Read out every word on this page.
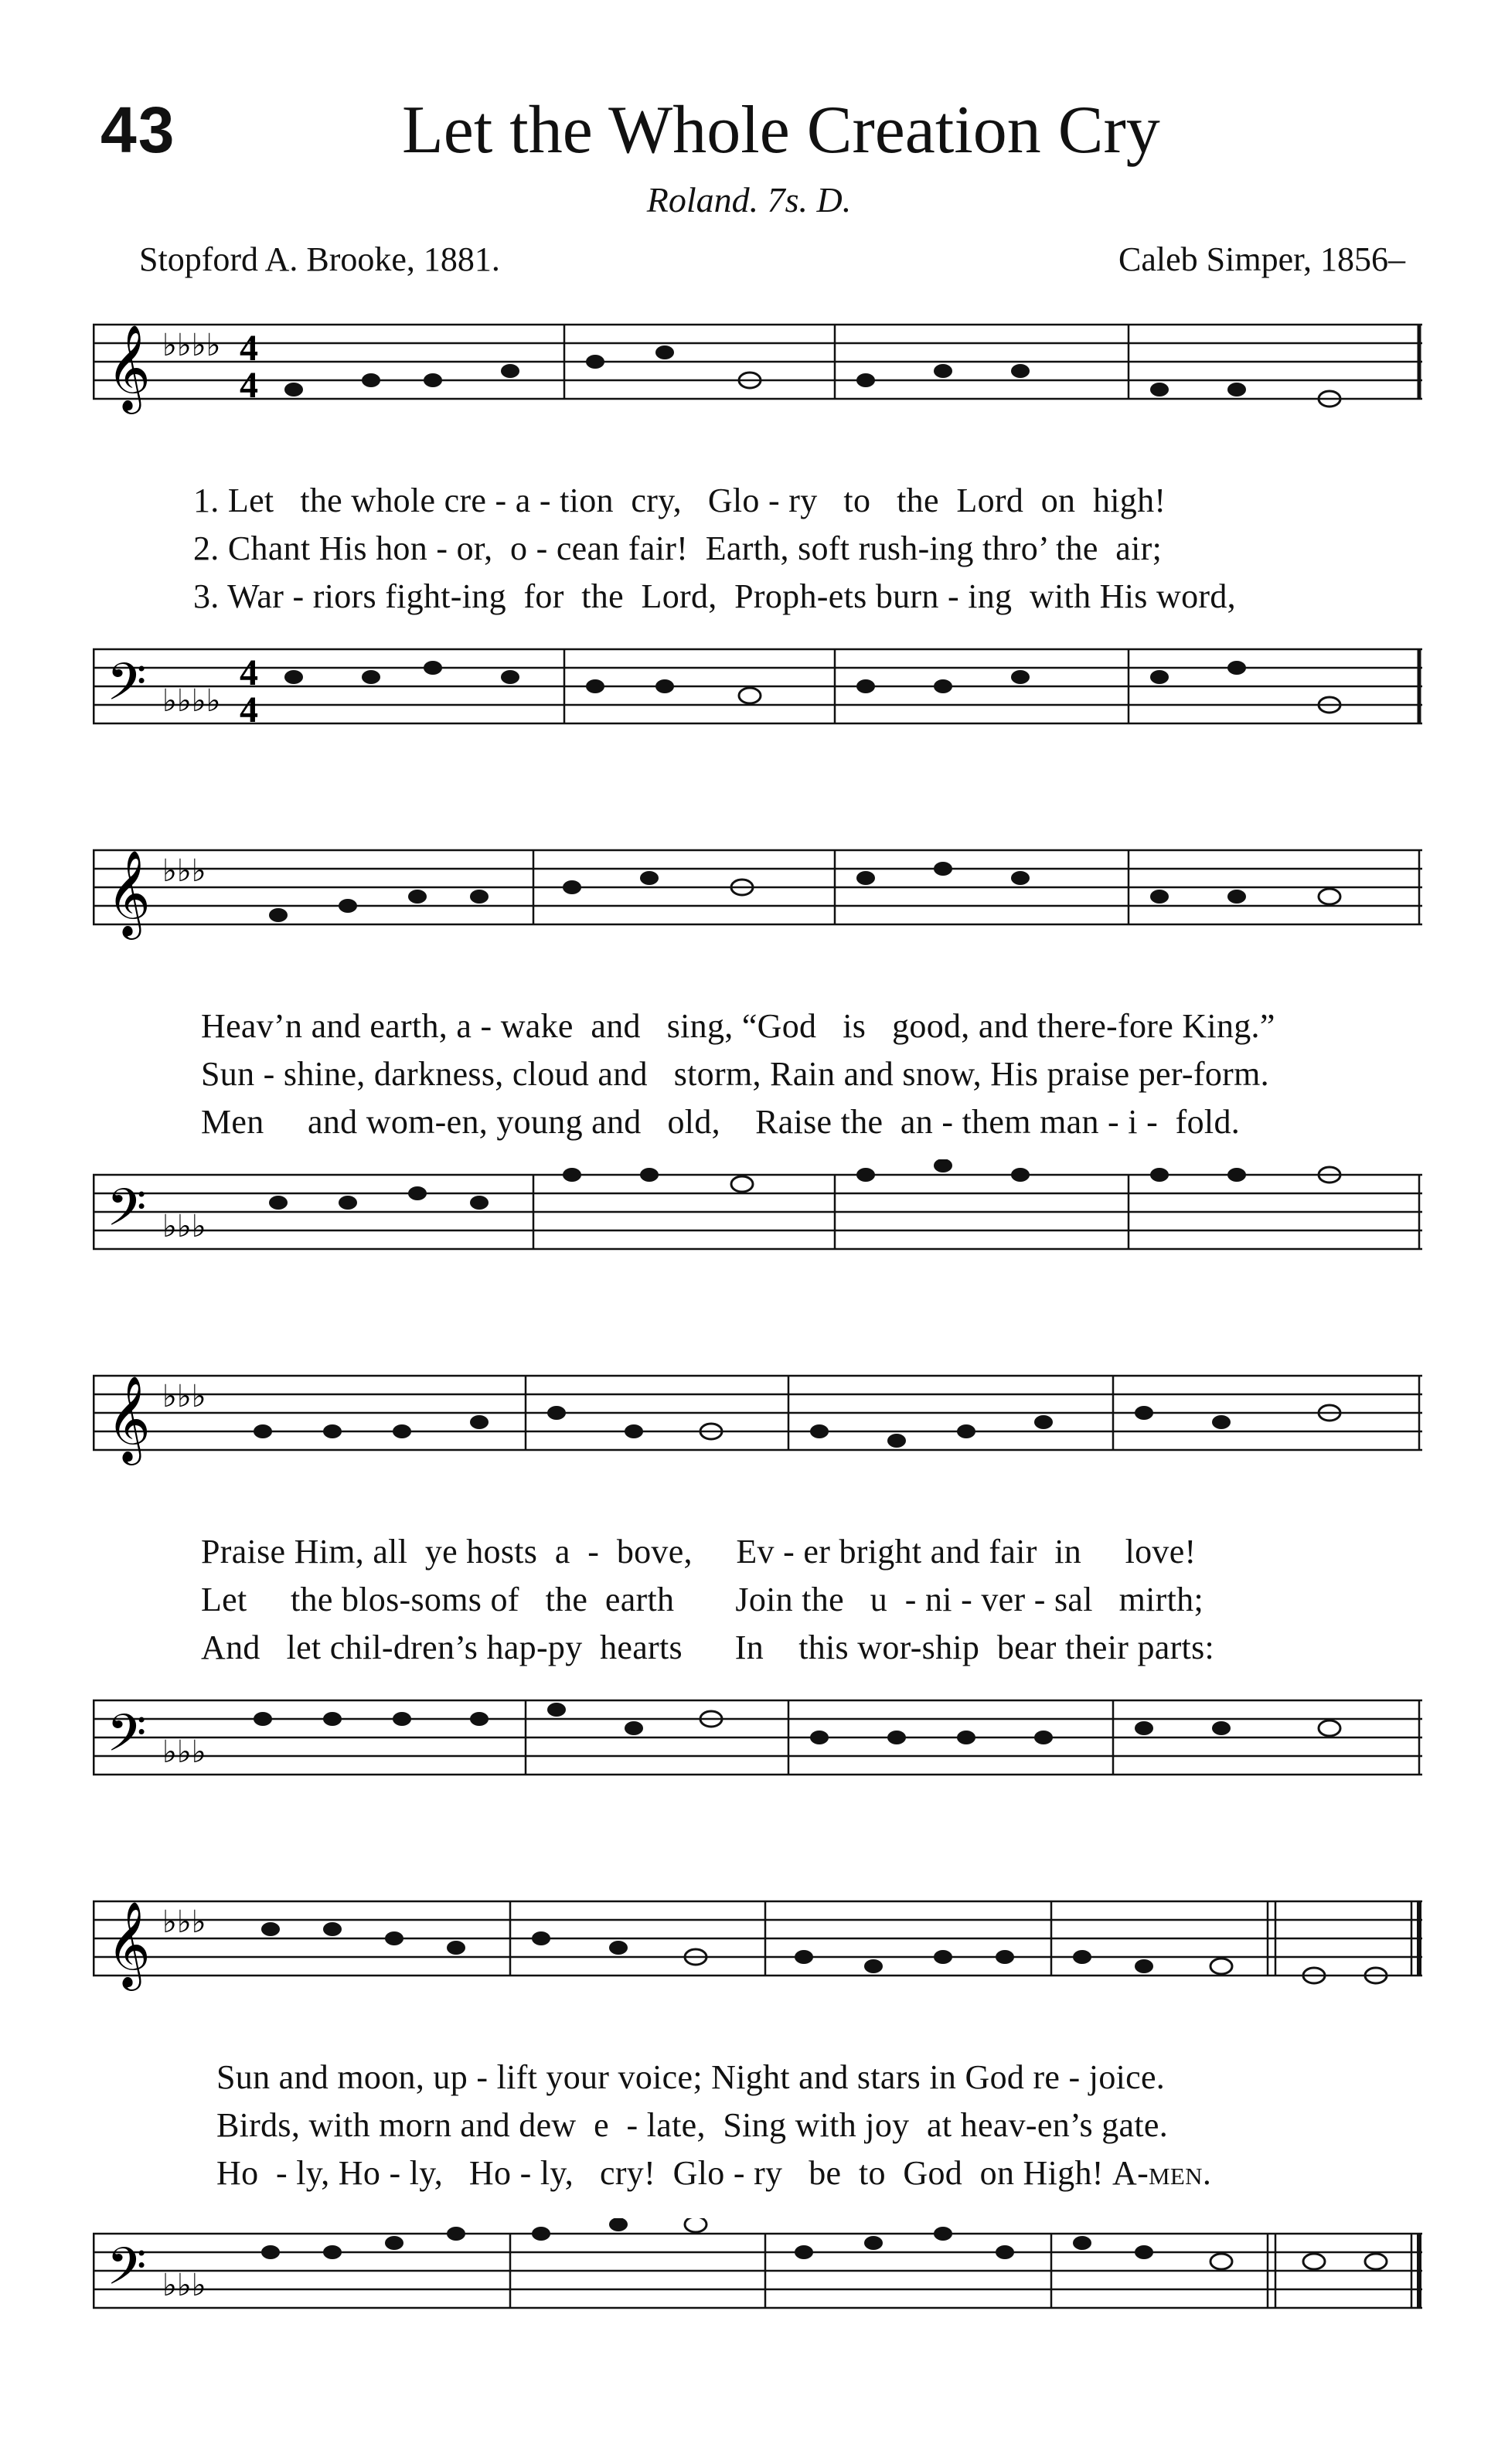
43	Let the Whole Creation Cry
Roland. 7s. D.
Stopford A. Brooke, 1881.	Caleb Simper, 1856–
𝄞 ♭♭♭♭ 4
4
1. Let   the whole cre - a - tion  cry,   Glo - ry   to   the  Lord  on  high!
2. Chant His hon - or,  o - cean fair!  Earth, soft rush-ing thro’ the  air;
3. War - riors fight-ing  for  the  Lord,  Proph-ets burn - ing  with His word,
𝄢 ♭♭♭♭
4
4
𝄞 ♭♭♭
Heav’n and earth, a - wake  and   sing, “God   is   good, and there-fore King.”
Sun - shine, darkness, cloud and   storm, Rain and snow, His praise per-form.
Men     and wom-en, young and   old,    Raise the  an - them man - i -  fold.
𝄢 ♭♭♭
𝄞 ♭♭♭
Praise Him, all  ye hosts  a  -  bove,     Ev - er bright and fair  in     love!
Let     the blos-soms of   the  earth       Join the   u  - ni - ver - sal   mirth;
And   let chil-dren’s hap-py  hearts      In    this wor-ship  bear their parts:
𝄢 ♭♭♭
𝄞 ♭♭♭
Sun and moon, up - lift your voice; Night and stars in God re - joice.
Birds, with morn and dew  e  - late,  Sing with joy  at heav-en’s gate.
Ho  - ly, Ho - ly,   Ho - ly,   cry!  Glo - ry   be  to  God  on High! A-men.
𝄢 ♭♭♭
